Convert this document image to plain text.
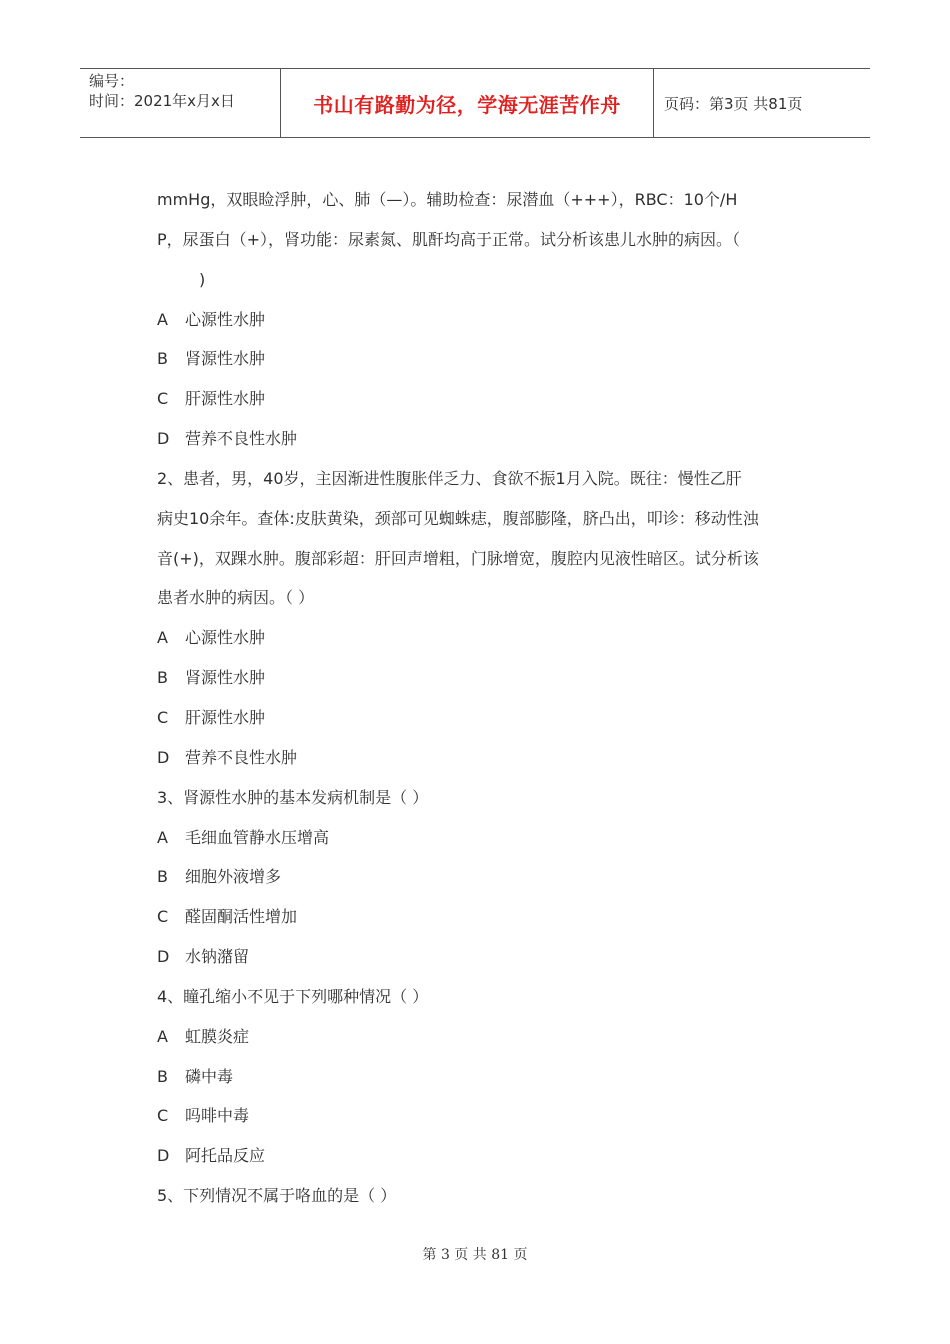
编号：
时间：2021年x月x日	书山有路勤为径，学海无涯苦作舟	页码：第3页 共81页
mmHg，双眼睑浮肿，心、肺（—）。辅助检查：尿潜血（+++），RBC：10个/H
P，尿蛋白（+），肾功能：尿素氮、肌酐均高于正常。试分析该患儿水肿的病因。（
)
A 心源性水肿
B 肾源性水肿
C 肝源性水肿
D 营养不良性水肿
2、患者，男，40岁，主因渐进性腹胀伴乏力、食欲不振1月入院。既往：慢性乙肝
病史10余年。查体:皮肤黄染，颈部可见蜘蛛痣，腹部膨隆，脐凸出，叩诊：移动性浊
音(+)，双踝水肿。腹部彩超：肝回声增粗，门脉增宽，腹腔内见液性暗区。试分析该
患者水肿的病因。（ ）
A 心源性水肿
B 肾源性水肿
C 肝源性水肿
D 营养不良性水肿
3、肾源性水肿的基本发病机制是（ ）
A 毛细血管静水压增高
B 细胞外液增多
C 醛固酮活性增加
D 水钠潴留
4、瞳孔缩小不见于下列哪种情况（ ）
A 虹膜炎症
B 磷中毒
C 吗啡中毒
D 阿托品反应
5、下列情况不属于咯血的是（ ）
第 3 页 共 81 页
